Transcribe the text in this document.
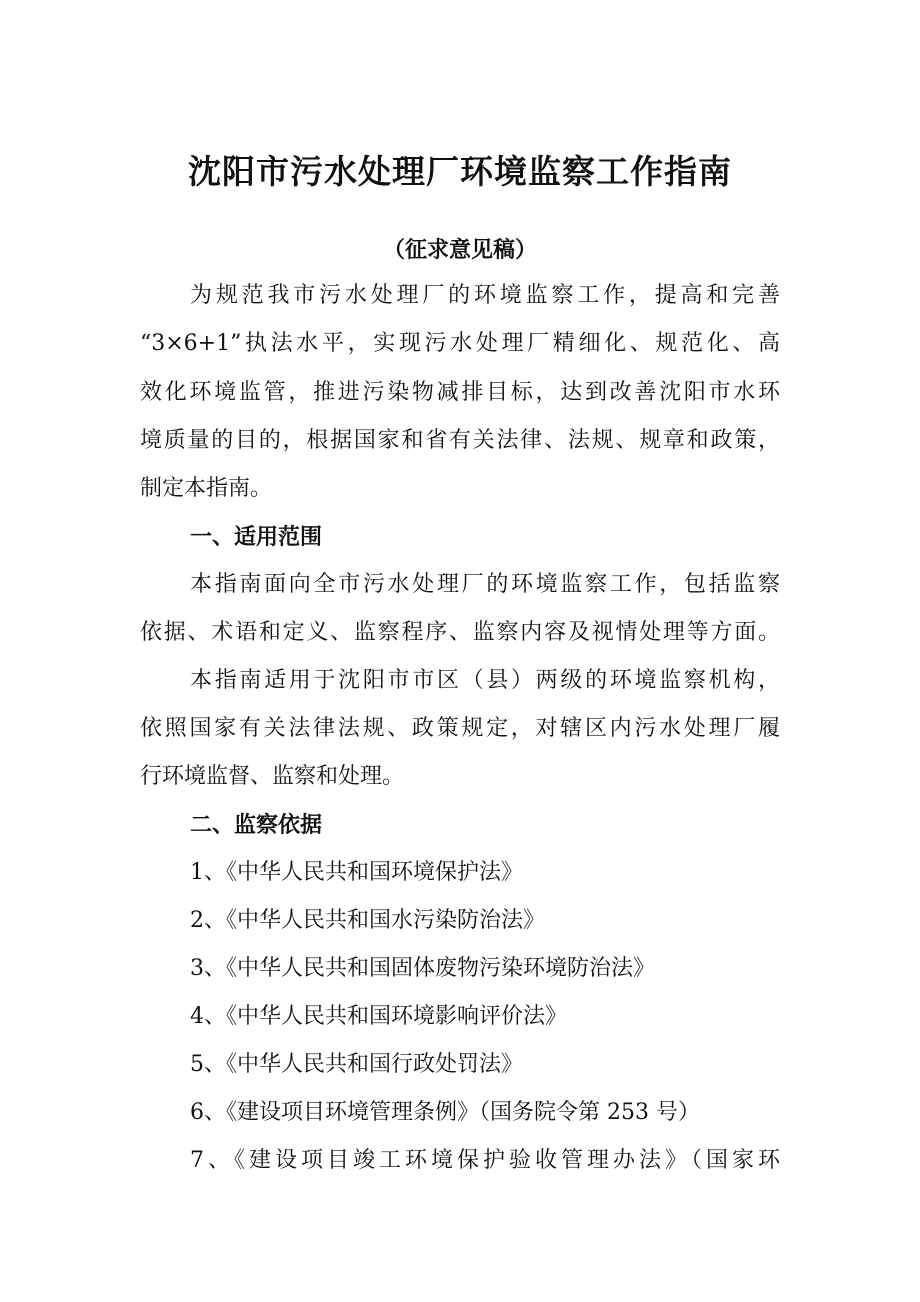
沈阳市污水处理厂环境监察工作指南
（征求意见稿）
为规范我市污水处理厂的环境监察工作，提高和完善
“3×6+1”执法水平，实现污水处理厂精细化、规范化、高
效化环境监管，推进污染物减排目标，达到改善沈阳市水环
境质量的目的，根据国家和省有关法律、法规、规章和政策，
制定本指南。
一、适用范围
本指南面向全市污水处理厂的环境监察工作，包括监察
依据、术语和定义、监察程序、监察内容及视情处理等方面。
本指南适用于沈阳市市区（县）两级的环境监察机构，
依照国家有关法律法规、政策规定，对辖区内污水处理厂履
行环境监督、监察和处理。
二、监察依据
1、《中华人民共和国环境保护法》
2、《中华人民共和国水污染防治法》
3、《中华人民共和国固体废物污染环境防治法》
4、《中华人民共和国环境影响评价法》
5、《中华人民共和国行政处罚法》
6、《建设项目环境管理条例》（国务院令第 253 号）
7、《建设项目竣工环境保护验收管理办法》（国家环
